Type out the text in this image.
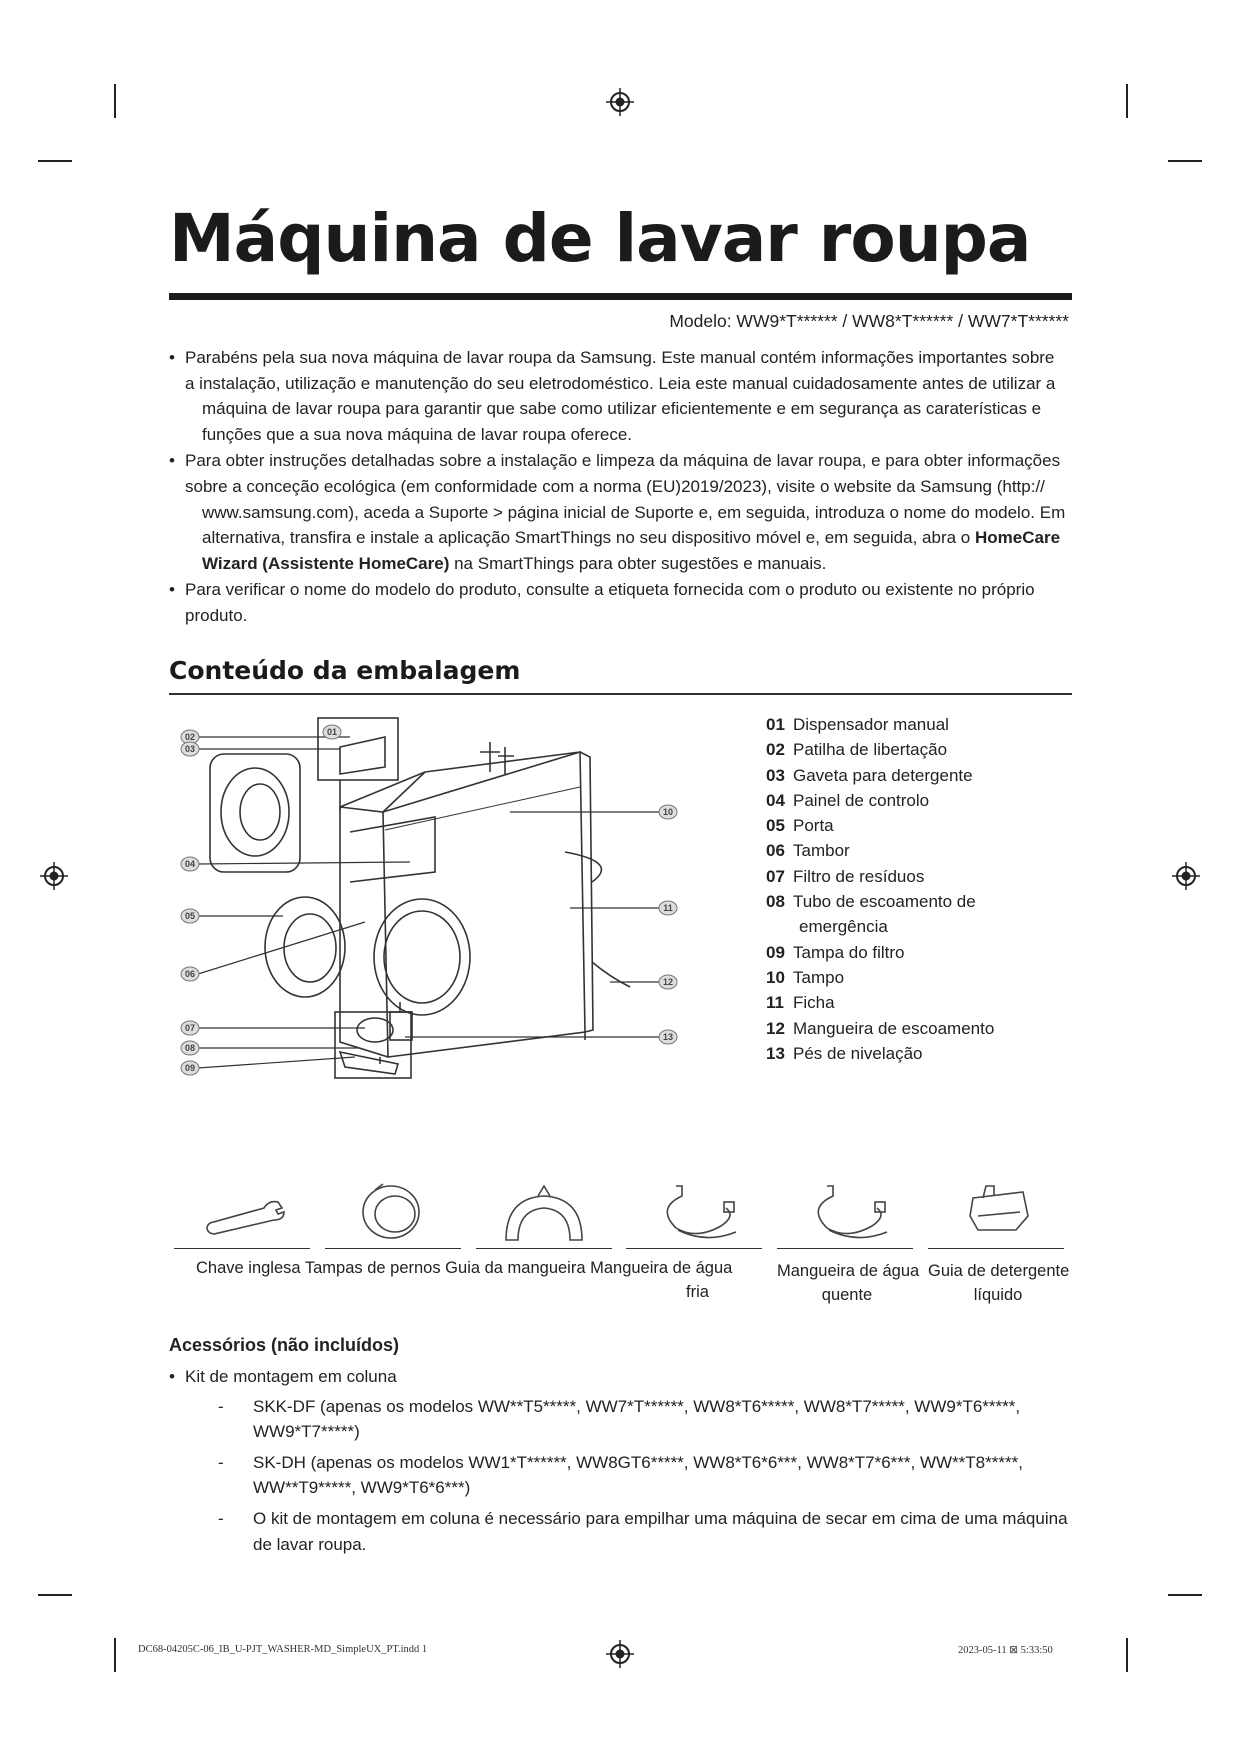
Máquina de lavar roupa
Modelo: WW9*T****** / WW8*T****** / WW7*T******
• Parabéns pela sua nova máquina de lavar roupa da Samsung. Este manual contém informações importantes sobre
a instalação, utilização e manutenção do seu eletrodoméstico. Leia este manual cuidadosamente antes de utilizar a máquina de lavar roupa para garantir que sabe como utilizar eficientemente e em segurança as caraterísticas e funções que a sua nova máquina de lavar roupa oferece.
• Para obter instruções detalhadas sobre a instalação e limpeza da máquina de lavar roupa, e para obter informações
sobre a conceção ecológica (em conformidade com a norma (EU)2019/2023), visite o website da Samsung (http:// www.samsung.com), aceda a Suporte > página inicial de Suporte e, em seguida, introduza o nome do modelo. Em alternativa, transfira e instale a aplicação SmartThings no seu dispositivo móvel e, em seguida, abra o HomeCare Wizard (Assistente HomeCare) na SmartThings para obter sugestões e manuais.
• Para verificar o nome do modelo do produto, consulte a etiqueta fornecida com o produto ou existente no próprio
produto.
Conteúdo da embalagem
01
02
03
04
05
06
07
08
09
10
11
12
13
01 Dispensador manual
02 Patilha de libertação
03 Gaveta para detergente
04 Painel de controlo
05 Porta
06 Tambor
07 Filtro de resíduos
08 Tubo de escoamento de
emergência
09 Tampa do filtro
10 Tampo
11 Ficha
12 Mangueira de escoamento
13 Pés de nivelação
Chave inglesa Tampas de pernos Guia da mangueira Mangueira de água
fria
Mangueira de água
quente
Guia de detergente
líquido
Acessórios (não incluídos)
• Kit de montagem em coluna
- SKK-DF (apenas os modelos WW**T5*****, WW7*T******, WW8*T6*****, WW8*T7*****, WW9*T6*****, WW9*T7*****)
- SK-DH (apenas os modelos WW1*T******, WW8GT6*****, WW8*T6*6***, WW8*T7*6***, WW**T8*****, WW**T9*****, WW9*T6*6***)
- O kit de montagem em coluna é necessário para empilhar uma máquina de secar em cima de uma máquina de lavar roupa.
DC68-04205C-06_IB_U-PJT_WASHER-MD_SimpleUX_PT.indd 1	2023-05-11 ⊠ 5:33:50
